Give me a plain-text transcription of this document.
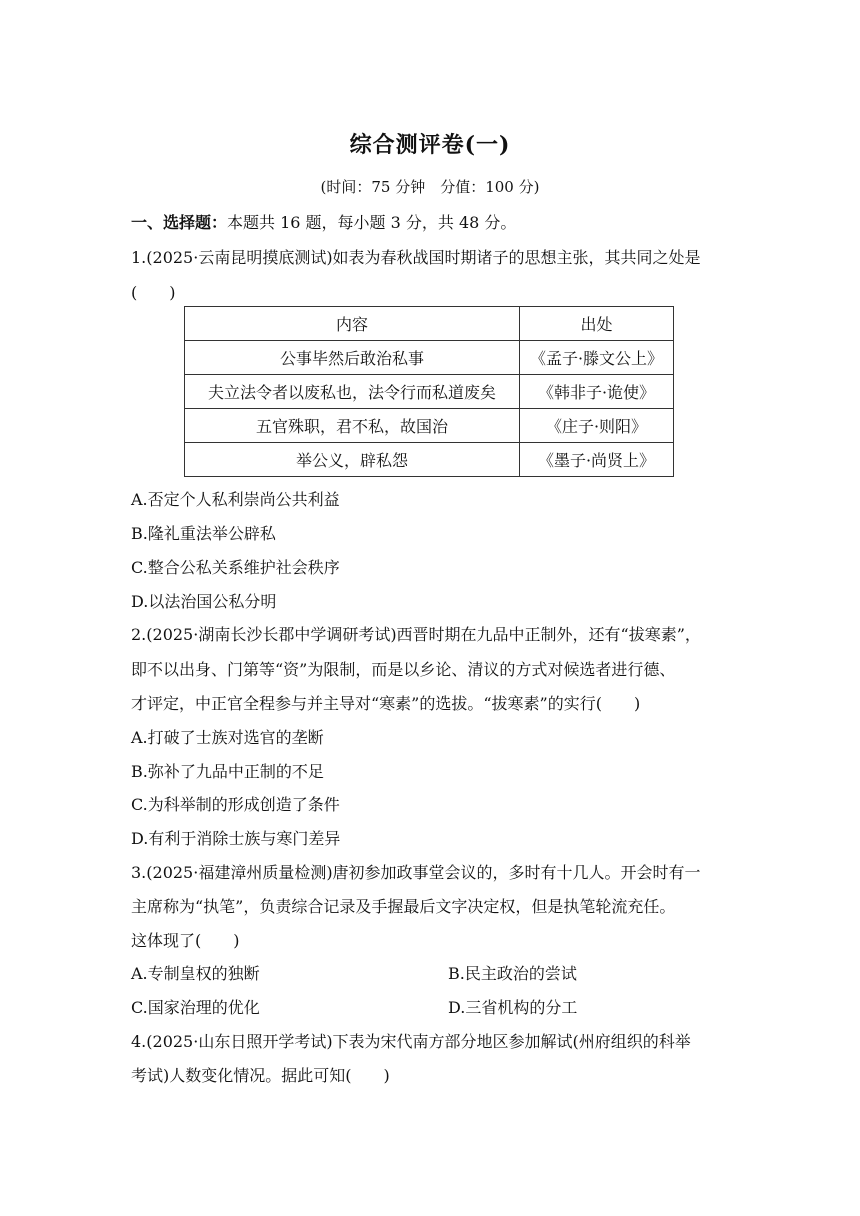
综合测评卷(一)
(时间：75 分钟　分值：100 分)
一、选择题：本题共 16 题，每小题 3 分，共 48 分。
1.(2025·云南昆明摸底测试)如表为春秋战国时期诸子的思想主张，其共同之处是
(　　)
内容	出处
公事毕然后敢治私事	《孟子·滕文公上》
夫立法令者以废私也，法令行而私道废矣	《韩非子·诡使》
五官殊职，君不私，故国治	《庄子·则阳》
举公义，辟私怨	《墨子·尚贤上》
A.否定个人私利崇尚公共利益
B.隆礼重法举公辟私
C.整合公私关系维护社会秩序
D.以法治国公私分明
2.(2025·湖南长沙长郡中学调研考试)西晋时期在九品中正制外，还有“拔寒素”，
即不以出身、门第等“资”为限制，而是以乡论、清议的方式对候选者进行德、
才评定，中正官全程参与并主导对“寒素”的选拔。“拔寒素”的实行(　　)
A.打破了士族对选官的垄断
B.弥补了九品中正制的不足
C.为科举制的形成创造了条件
D.有利于消除士族与寒门差异
3.(2025·福建漳州质量检测)唐初参加政事堂会议的，多时有十几人。开会时有一
主席称为“执笔”，负责综合记录及手握最后文字决定权，但是执笔轮流充任。
这体现了(　　)
A.专制皇权的独断	B.民主政治的尝试
C.国家治理的优化	D.三省机构的分工
4.(2025·山东日照开学考试)下表为宋代南方部分地区参加解试(州府组织的科举
考试)人数变化情况。据此可知(　　)
